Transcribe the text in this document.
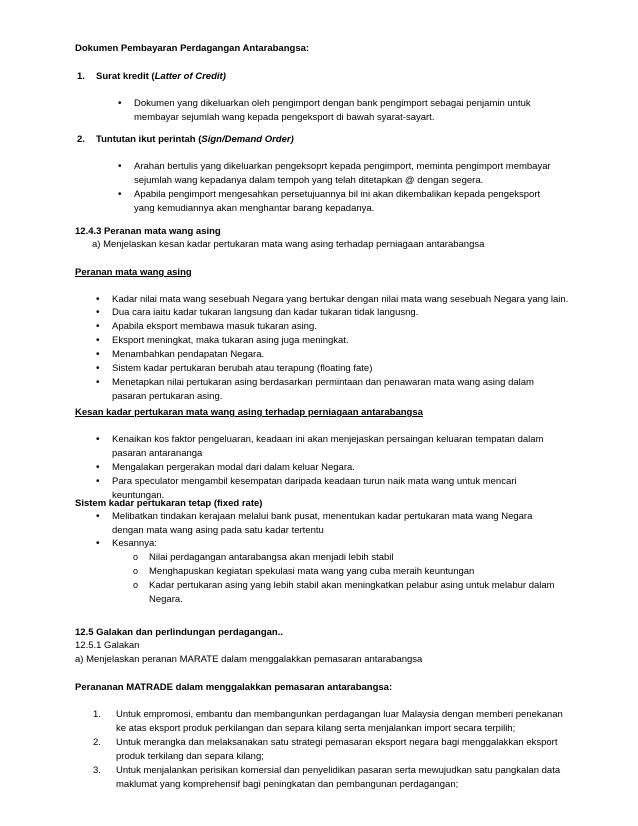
Dokumen Pembayaran Perdagangan Antarabangsa:
1. Surat kredit (Latter of Credit)
Dokumen yang dikeluarkan oleh pengimport dengan bank pengimport sebagai penjamin untuk
membayar sejumlah wang kepada pengeksport di bawah syarat-sayart.
2. Tuntutan ikut perintah (Sign/Demand Order)
Arahan bertulis yang dikeluarkan pengeksoprt kepada pengimport, meminta pengimport membayar
sejumlah wang kepadanya dalam tempoh yang telah ditetapkan @ dengan segera.
Apabila pengimport mengesahkan persetujuannya bil ini akan dikembalikan kepada pengeksport
yang kemudiannya akan menghantar barang kepadanya.
12.4.3 Peranan mata wang asing
a) Menjelaskan kesan kadar pertukaran mata wang asing terhadap perniagaan antarabangsa
Peranan mata wang asing
Kadar nilai mata wang sesebuah Negara yang bertukar dengan nilai mata wang sesebuah Negara yang lain.
Dua cara iaitu kadar tukaran langsung dan kadar tukaran tidak langusng.
Apabila eksport membawa masuk tukaran asing.
Eksport meningkat, maka tukaran asing juga meningkat.
Menambahkan pendapatan Negara.
Sistem kadar pertukaran berubah atau terapung (floating fate)
Menetapkan nilai pertukaran asing berdasarkan permintaan dan penawaran mata wang asing dalam
pasaran pertukaran asing.
Kesan kadar pertukaran mata wang asing terhadap perniagaan antarabangsa
Kenaikan kos faktor pengeluaran, keadaan ini akan menjejaskan persaingan keluaran tempatan dalam
pasaran antarananga
Mengalakan pergerakan modal dari dalam keluar Negara.
Para speculator mengambil kesempatan daripada keadaan turun naik mata wang untuk mencari
keuntungan.
Sistem kadar pertukaran tetap (fixed rate)
Melibatkan tindakan kerajaan melalui bank pusat, menentukan kadar pertukaran mata wang Negara
dengan mata wang asing pada satu kadar tertentu
Kesannya:
Nilai perdagangan antarabangsa akan menjadi lebih stabil
Menghapuskan kegiatan spekulasi mata wang yang cuba meraih keuntungan
Kadar pertukaran asing yang lebih stabil akan meningkatkan pelabur asing untuk melabur dalam
Negara.
12.5 Galakan dan perlindungan perdagangan..
12.5.1 Galakan
a) Menjelaskan peranan MARATE dalam menggalakkan pemasaran antarabangsa
Perananan MATRADE dalam menggalakkan pemasaran antarabangsa:
1. Untuk empromosi, embantu dan membangunkan perdagangan luar Malaysia dengan memberi penekanan
ke atas eksport produk perkilangan dan separa kilang serta menjalankan import secara terpilih;
2. Untuk merangka dan melaksanakan satu strategi pemasaran eksport negara bagi menggalakkan eksport
produk terkilang dan separa kilang;
3. Untuk menjalankan perisikan komersial dan penyelidikan pasaran serta mewujudkan satu pangkalan data
maklumat yang komprehensif bagi peningkatan dan pembangunan perdagangan;
